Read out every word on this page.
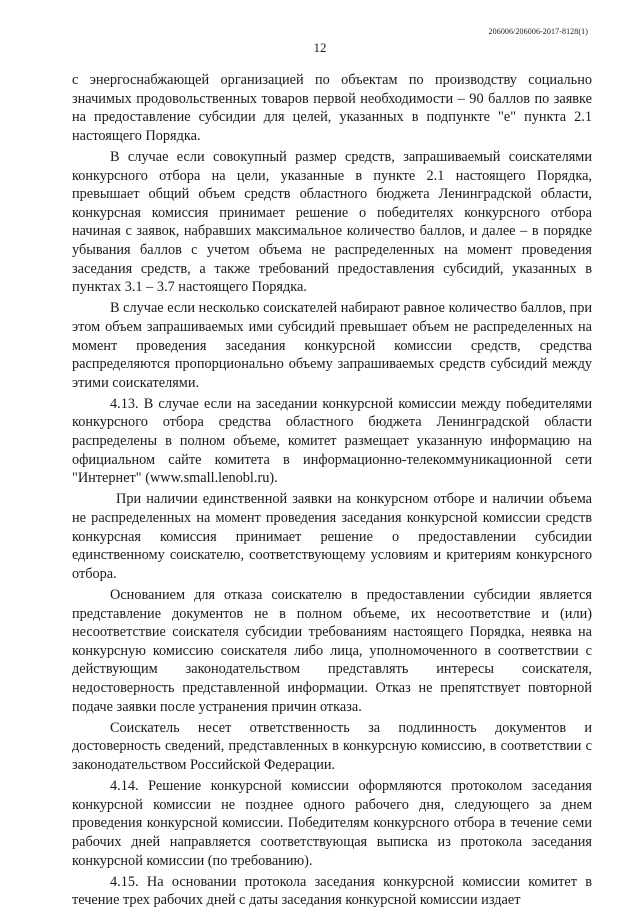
206006/206006-2017-8128(1)
12

с энергоснабжающей организацией по объектам по производству социально значимых продовольственных товаров первой необходимости – 90 баллов по заявке на предоставление субсидии для целей, указанных в подпункте "е" пункта 2.1 настоящего Порядка.

В случае если совокупный размер средств, запрашиваемый соискателями конкурсного отбора на цели, указанные в пункте 2.1 настоящего Порядка, превышает общий объем средств областного бюджета Ленинградской области, конкурсная комиссия принимает решение о победителях конкурсного отбора начиная с заявок, набравших максимальное количество баллов, и далее – в порядке убывания баллов с учетом объема не распределенных на момент проведения заседания средств, а также требований предоставления субсидий, указанных в пунктах 3.1 – 3.7 настоящего Порядка.

В случае если несколько соискателей набирают равное количество баллов, при этом объем запрашиваемых ими субсидий превышает объем не распределенных на момент проведения заседания конкурсной комиссии средств, средства распределяются пропорционально объему запрашиваемых средств субсидий между этими соискателями.

4.13. В случае если на заседании конкурсной комиссии между победителями конкурсного отбора средства областного бюджета Ленинградской области распределены в полном объеме, комитет размещает указанную информацию на официальном сайте комитета в информационно-телекоммуникационной сети "Интернет" (www.small.lenobl.ru).

При наличии единственной заявки на конкурсном отборе и наличии объема не распределенных на момент проведения заседания конкурсной комиссии средств конкурсная комиссия принимает решение о предоставлении субсидии единственному соискателю, соответствующему условиям и критериям конкурсного отбора.

Основанием для отказа соискателю в предоставлении субсидии является представление документов не в полном объеме, их несоответствие и (или) несоответствие соискателя субсидии требованиям настоящего Порядка, неявка на конкурсную комиссию соискателя либо лица, уполномоченного в соответствии с действующим законодательством представлять интересы соискателя, недостоверность представленной информации. Отказ не препятствует повторной подаче заявки после устранения причин отказа.

Соискатель несет ответственность за подлинность документов и достоверность сведений, представленных в конкурсную комиссию, в соответствии с законодательством Российской Федерации.

4.14. Решение конкурсной комиссии оформляются протоколом заседания конкурсной комиссии не позднее одного рабочего дня, следующего за днем проведения конкурсной комиссии. Победителям конкурсного отбора в течение семи рабочих дней направляется соответствующая выписка из протокола заседания конкурсной комиссии (по требованию).

4.15. На основании протокола заседания конкурсной комиссии комитет в течение трех рабочих дней с даты заседания конкурсной комиссии издает
